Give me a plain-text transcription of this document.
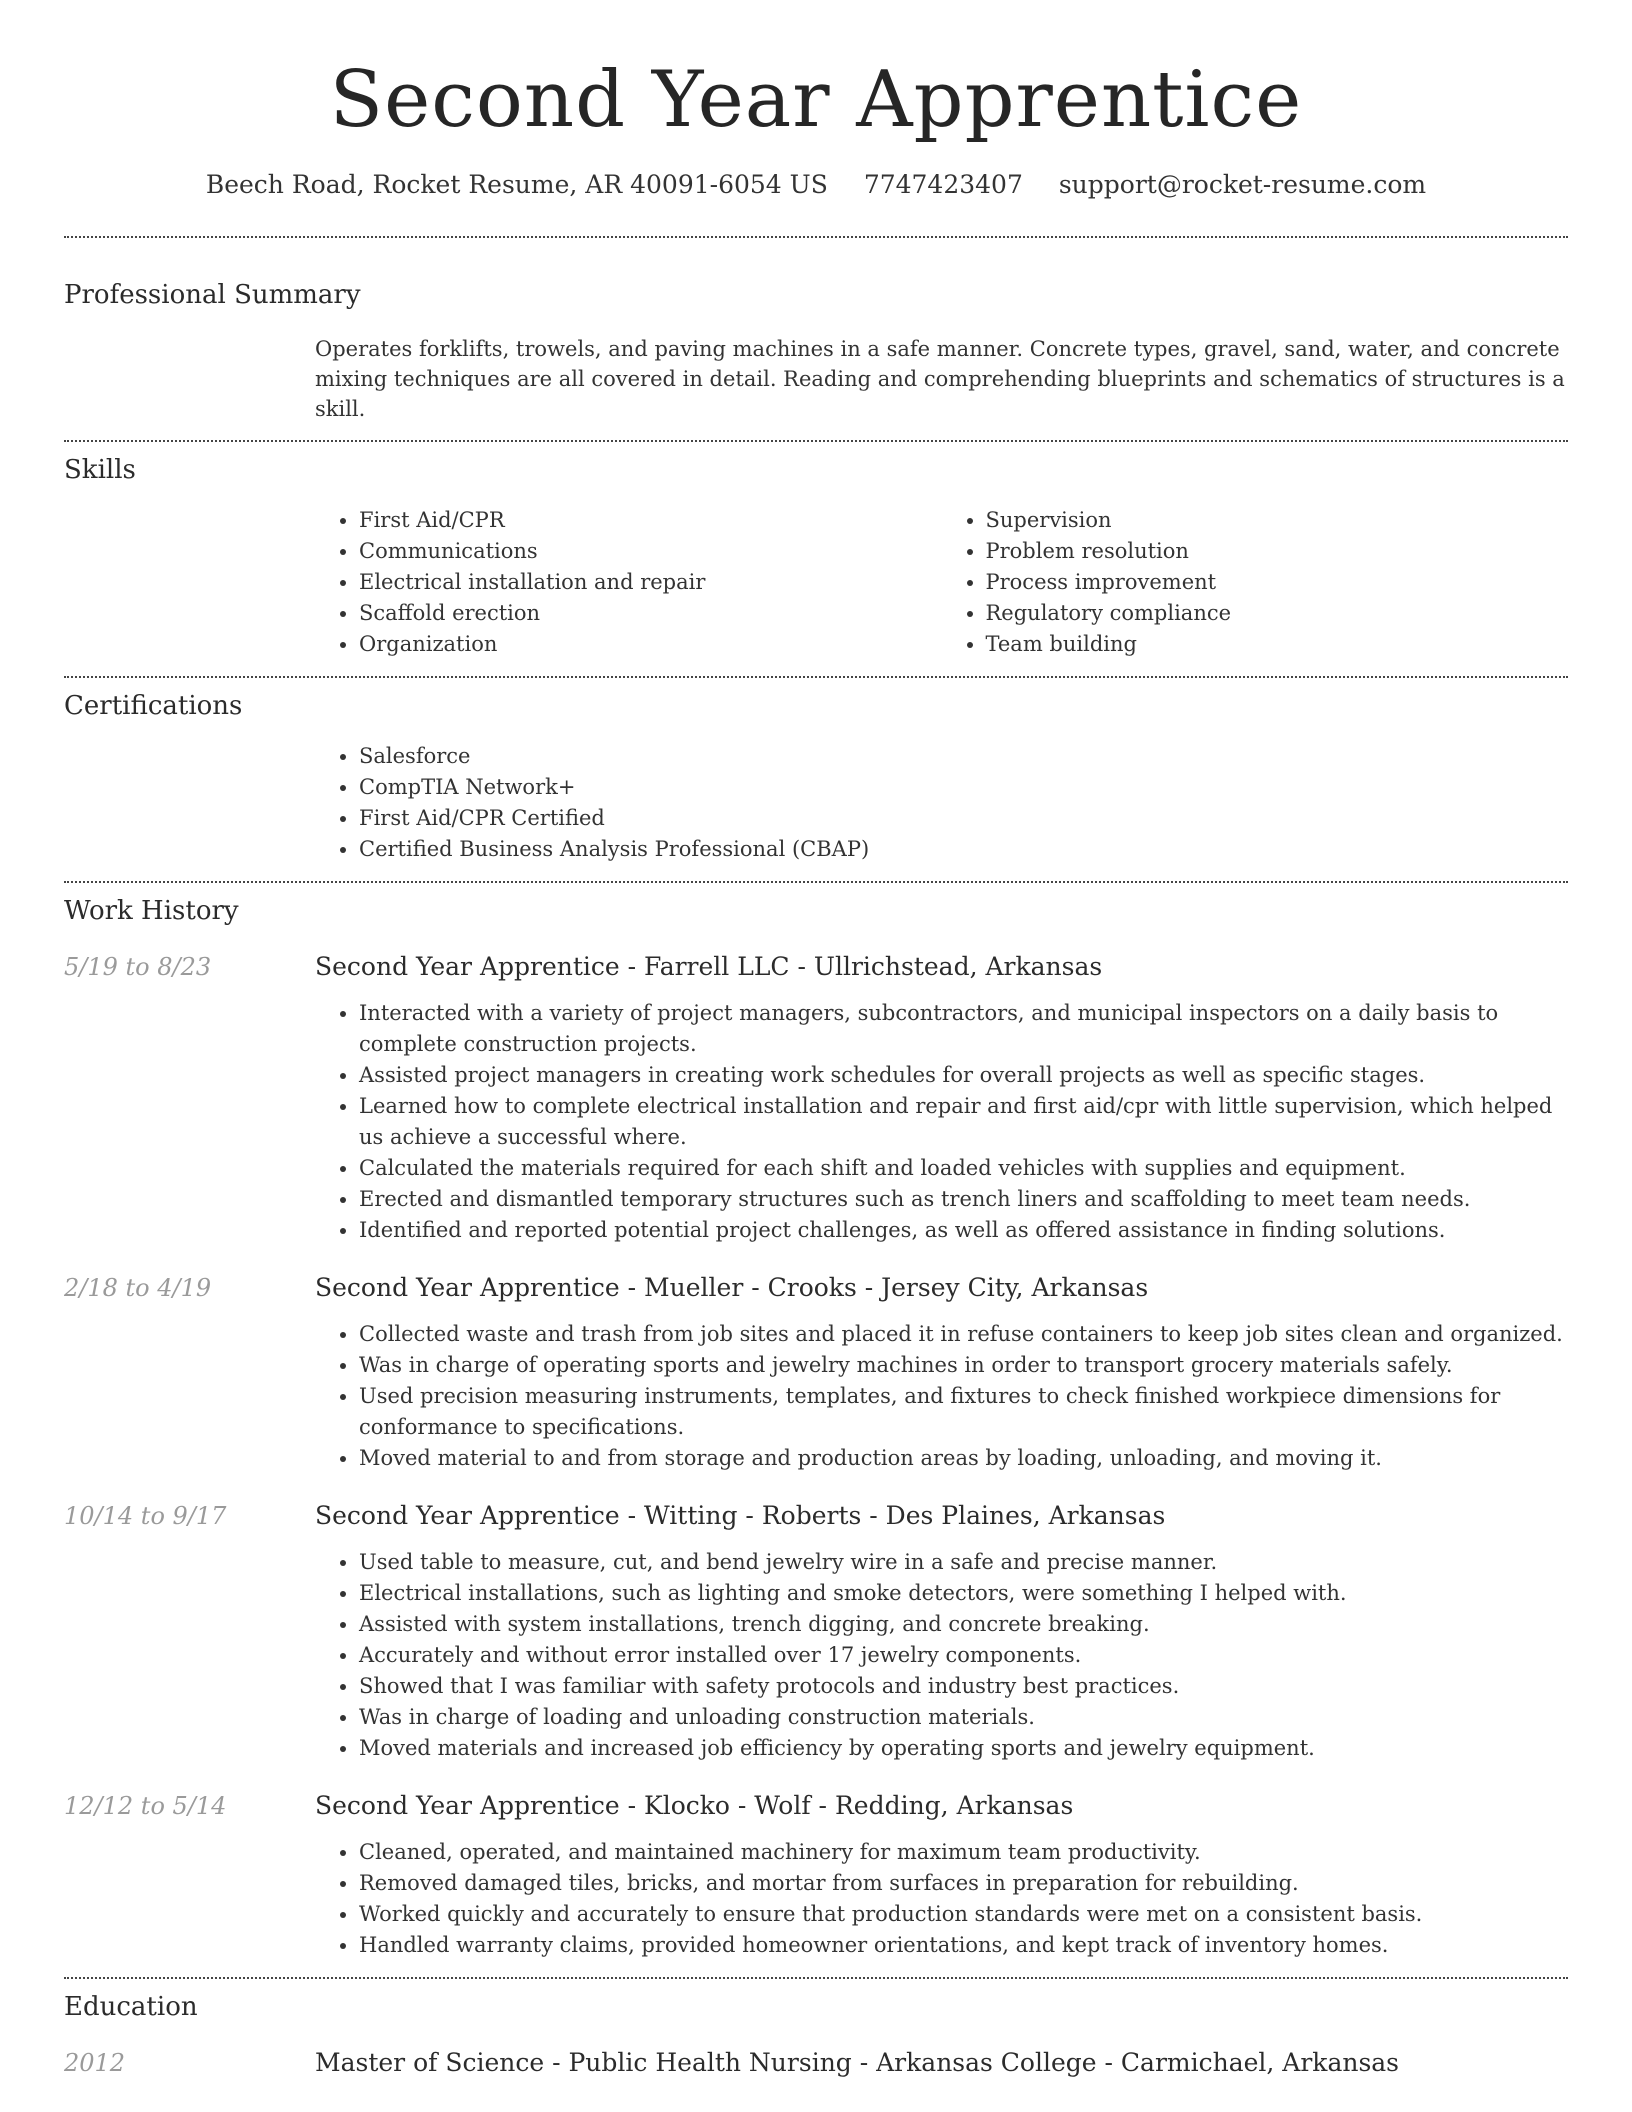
Second Year Apprentice
Beech Road, Rocket Resume, AR 40091-6054 US 7747423407 support@rocket-resume.com
Professional Summary
Operates forklifts, trowels, and paving machines in a safe manner. Concrete types, gravel, sand, water, and concrete mixing techniques are all covered in detail. Reading and comprehending blueprints and schematics of structures is a skill.
Skills
• First Aid/CPR
• Communications
• Electrical installation and repair
• Scaffold erection
• Organization
• Supervision
• Problem resolution
• Process improvement
• Regulatory compliance
• Team building
Certifications
• Salesforce
• CompTIA Network+
• First Aid/CPR Certified
• Certified Business Analysis Professional (CBAP)
Work History
5/19 to 8/23	Second Year Apprentice - Farrell LLC - Ullrichstead, Arkansas
• Interacted with a variety of project managers, subcontractors, and municipal inspectors on a daily basis to complete construction projects.
• Assisted project managers in creating work schedules for overall projects as well as specific stages.
• Learned how to complete electrical installation and repair and first aid/cpr with little supervision, which helped us achieve a successful where.
• Calculated the materials required for each shift and loaded vehicles with supplies and equipment.
• Erected and dismantled temporary structures such as trench liners and scaffolding to meet team needs.
• Identified and reported potential project challenges, as well as offered assistance in finding solutions.
2/18 to 4/19	Second Year Apprentice - Mueller - Crooks - Jersey City, Arkansas
• Collected waste and trash from job sites and placed it in refuse containers to keep job sites clean and organized.
• Was in charge of operating sports and jewelry machines in order to transport grocery materials safely.
• Used precision measuring instruments, templates, and fixtures to check finished workpiece dimensions for conformance to specifications.
• Moved material to and from storage and production areas by loading, unloading, and moving it.
10/14 to 9/17	Second Year Apprentice - Witting - Roberts - Des Plaines, Arkansas
• Used table to measure, cut, and bend jewelry wire in a safe and precise manner.
• Electrical installations, such as lighting and smoke detectors, were something I helped with.
• Assisted with system installations, trench digging, and concrete breaking.
• Accurately and without error installed over 17 jewelry components.
• Showed that I was familiar with safety protocols and industry best practices.
• Was in charge of loading and unloading construction materials.
• Moved materials and increased job efficiency by operating sports and jewelry equipment.
12/12 to 5/14	Second Year Apprentice - Klocko - Wolf - Redding, Arkansas
• Cleaned, operated, and maintained machinery for maximum team productivity.
• Removed damaged tiles, bricks, and mortar from surfaces in preparation for rebuilding.
• Worked quickly and accurately to ensure that production standards were met on a consistent basis.
• Handled warranty claims, provided homeowner orientations, and kept track of inventory homes.
Education
2012	Master of Science - Public Health Nursing - Arkansas College - Carmichael, Arkansas
